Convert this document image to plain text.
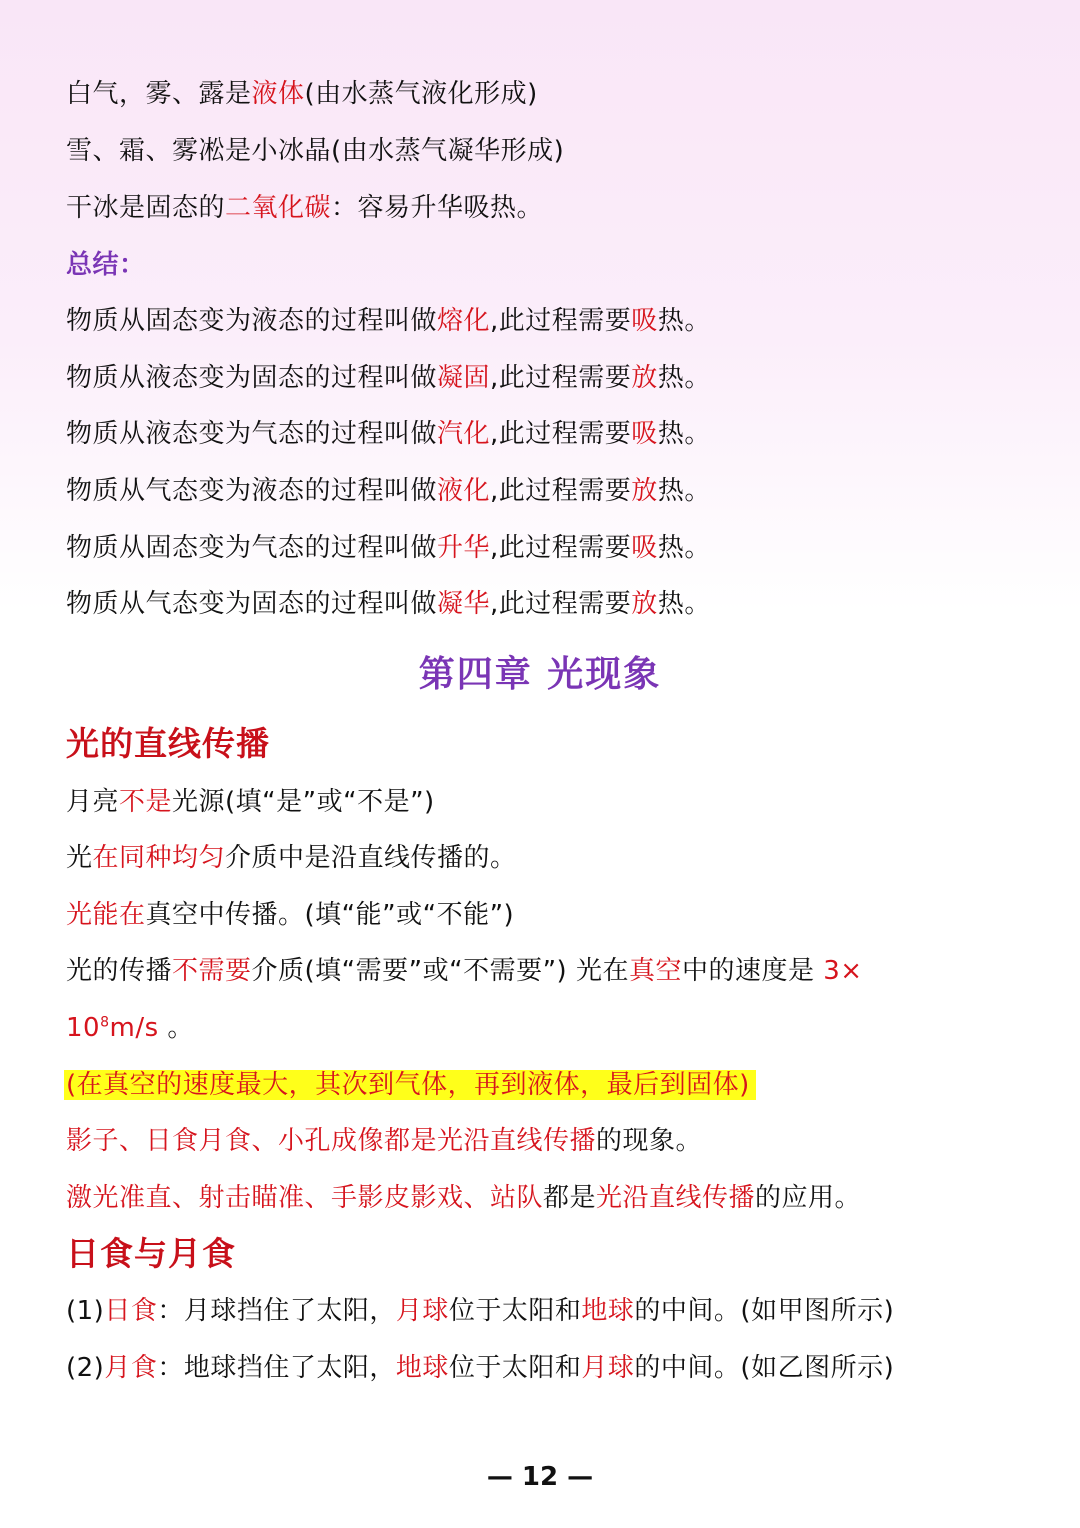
白气，雾、露是液体(由水蒸气液化形成)
雪、霜、雾凇是小冰晶(由水蒸气凝华形成)
干冰是固态的二氧化碳：容易升华吸热。
总结：
物质从固态变为液态的过程叫做熔化,此过程需要吸热。
物质从液态变为固态的过程叫做凝固,此过程需要放热。
物质从液态变为气态的过程叫做汽化,此过程需要吸热。
物质从气态变为液态的过程叫做液化,此过程需要放热。
物质从固态变为气态的过程叫做升华,此过程需要吸热。
物质从气态变为固态的过程叫做凝华,此过程需要放热。
第四章 光现象
光的直线传播
月亮不是光源(填“是”或“不是”)
光在同种均匀介质中是沿直线传播的。
光能在真空中传播。(填“能”或“不能”)
光的传播不需要介质(填“需要”或“不需要”) 光在真空中的速度是 3×
$10^8m/s$ 。
(在真空的速度最大，其次到气体，再到液体，最后到固体)
影子、日食月食、小孔成像都是光沿直线传播的现象。
激光准直、射击瞄准、手影皮影戏、站队都是光沿直线传播的应用。
日食与月食
(1)日食：月球挡住了太阳，月球位于太阳和地球的中间。(如甲图所示)
(2)月食：地球挡住了太阳，地球位于太阳和月球的中间。(如乙图所示)
— 12 —
